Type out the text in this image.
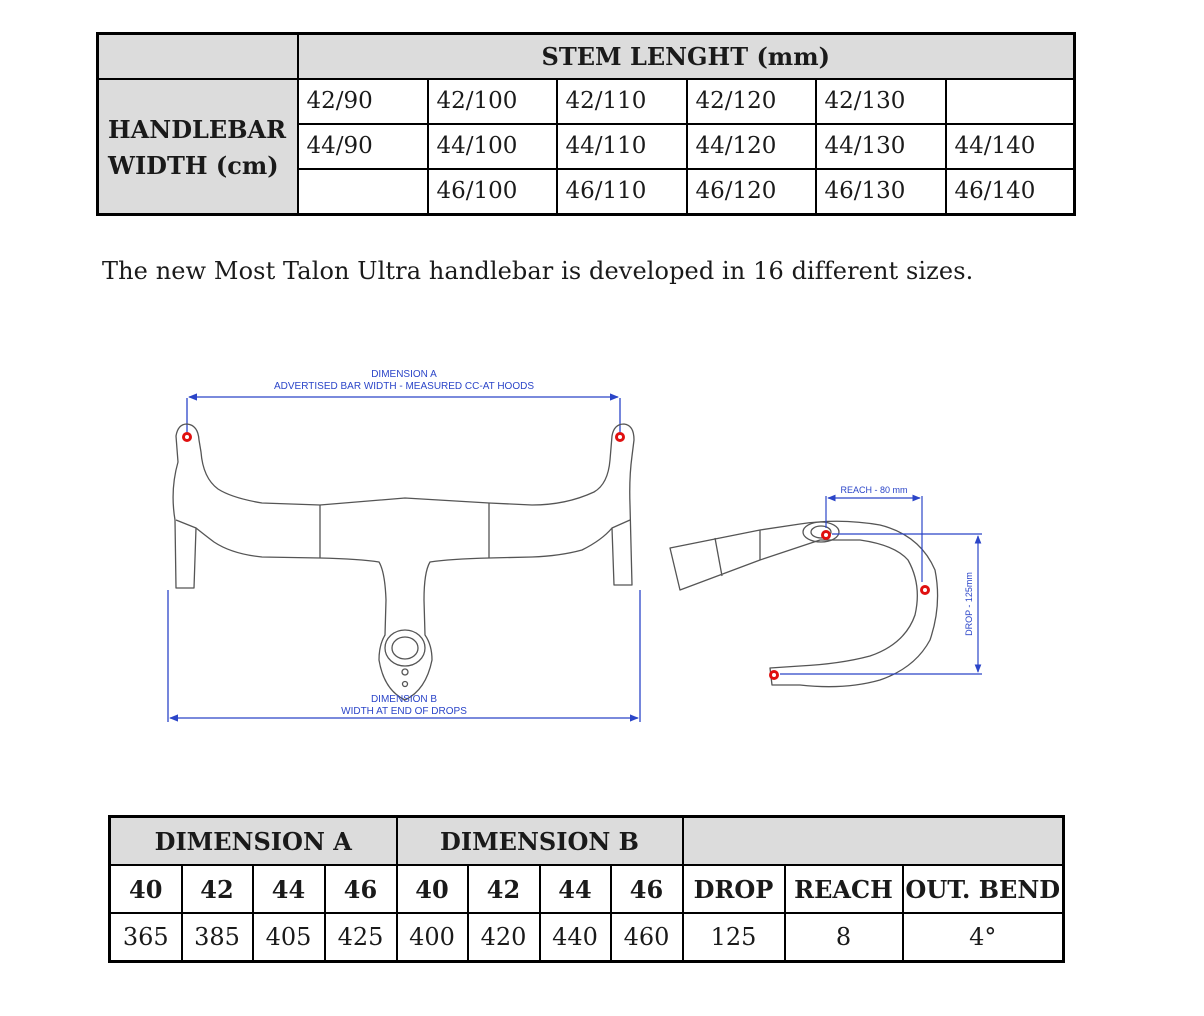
	STEM LENGHT (mm)					
HANDLEBAR WIDTH (cm)	42/90	42/100	42/110	42/120	42/130	
	44/90	44/100	44/110	44/120	44/130	44/140
		46/100	46/110	46/120	46/130	46/140

The new Most Talon Ultra handlebar is developed in 16 different sizes.

DIMENSION A
ADVERTISED BAR WIDTH - MEASURED CC-AT HOODS
DIMENSION B
WIDTH AT END OF DROPS
REACH - 80 mm
DROP - 125mm
DIMENSION A				DIMENSION B						
40	42	44	46	40	42	44	46	DROP	REACH	OUT. BEND
365	385	405	425	400	420	440	460	125	8	4°
